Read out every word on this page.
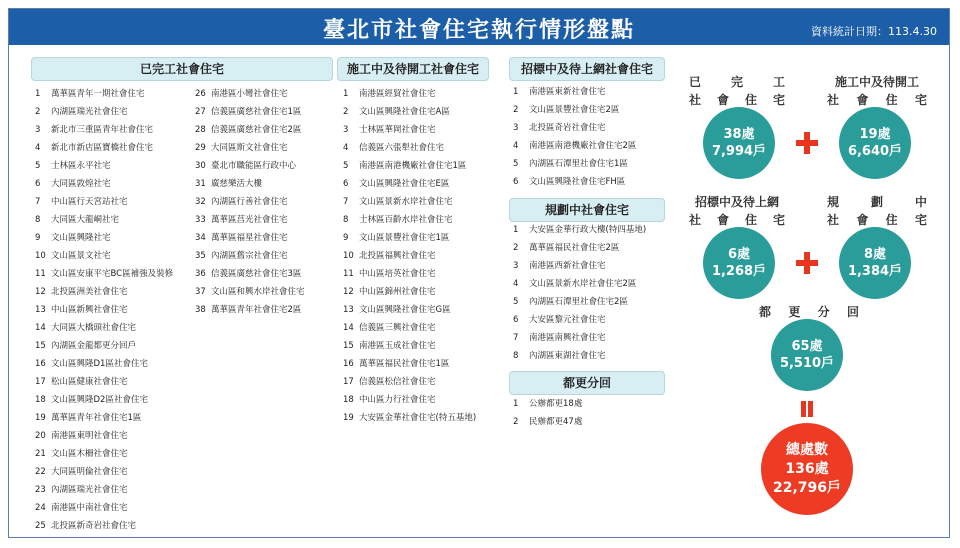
臺北市社會住宅執行情形盤點	資料統計日期：113.4.30
已完工社會住宅
1 萬華區青年一期社會住宅
2 內湖區瑞光社會住宅
3 新北市三重區青年社會住宅
4 新北市新店區寶橋社會住宅
5 士林區永平社宅
6 大同區敦煌社宅
7 中山區行天宮站社宅
8 大同區大龍峒社宅
9 文山區興隆社宅
10 文山區景文社宅
11 文山區安康平宅BC區補強及裝修
12 北投區洲美社會住宅
13 中山區新興社會住宅
14 大同區大橋頭社會住宅
15 內湖區金龍都更分回戶
16 文山區興隆D1區社會住宅
17 松山區健康社會住宅
18 文山區興隆D2區社會住宅
19 萬華區青年社會住宅1區
20 南港區東明社會住宅
21 文山區木柵社會住宅
22 大同區明倫社會住宅
23 內湖區瑞光社會住宅
24 南港區中南社會住宅
25 北投區新奇岩社會住宅
26 南港區小彎社會住宅
27 信義區廣慈社會住宅1區
28 信義區廣慈社會住宅2區
29 大同區斯文社會住宅
30 臺北市職能區行政中心
31 廣慈樂活大樓
32 內湖區行善社會住宅
33 萬華區莒光社會住宅
34 萬華區福星社會住宅
35 內湖區舊宗社會住宅
36 信義區廣慈社會住宅3區
37 文山區和興水岸社會住宅
38 萬華區青年社會住宅2區
施工中及待開工社會住宅
1 南港區經貿社會住宅
2 文山區興隆社會住宅A區
3 士林區華岡社會住宅
4 信義區六張犁社會住宅
5 南港區南港機廠社會住宅1區
6 文山區興隆社會住宅E區
7 文山區景新水岸社會住宅
8 士林區百齡水岸社會住宅
9 文山區景豐社會住宅1區
10 北投區福興社會住宅
11 中山區培英社會住宅
12 中山區錦州社會住宅
13 文山區興隆社會住宅G區
14 信義區三興社會住宅
15 南港區玉成社會住宅
16 萬華區福民社會住宅1區
17 信義區松信社會住宅
18 中山區力行社會住宅
19 大安區金華社會住宅(特五基地)
招標中及待上網社會住宅
1 南港區東新社會住宅
2 文山區景豐社會住宅2區
3 北投區奇岩社會住宅
4 南港區南港機廠社會住宅2區
5 內湖區石潭里社會住宅1區
6 文山區興隆社會住宅FH區
規劃中社會住宅
1 大安區金華行政大樓(特四基地)
2 萬華區福民社會住宅2區
3 南港區西新社會住宅
4 文山區景新水岸社會住宅2區
5 內湖區石潭里社會住宅2區
6 大安區黎元社會住宅
7 南港區南興社會住宅
8 內湖區東湖社會住宅
都更分回
1 公辦都更18處
2 民辦都更47處
已 完 工
社 會 住 宅
施工中及待開工
社 會 住 宅
38處
7,994戶
19處
6,640戶
招標中及待上網
社 會 住 宅
規	劃	中
社 會 住 宅
6處
1,268戶
8處
1,384戶
都 更 分 回
65處
5,510戶
總處數
136處
22,796戶
